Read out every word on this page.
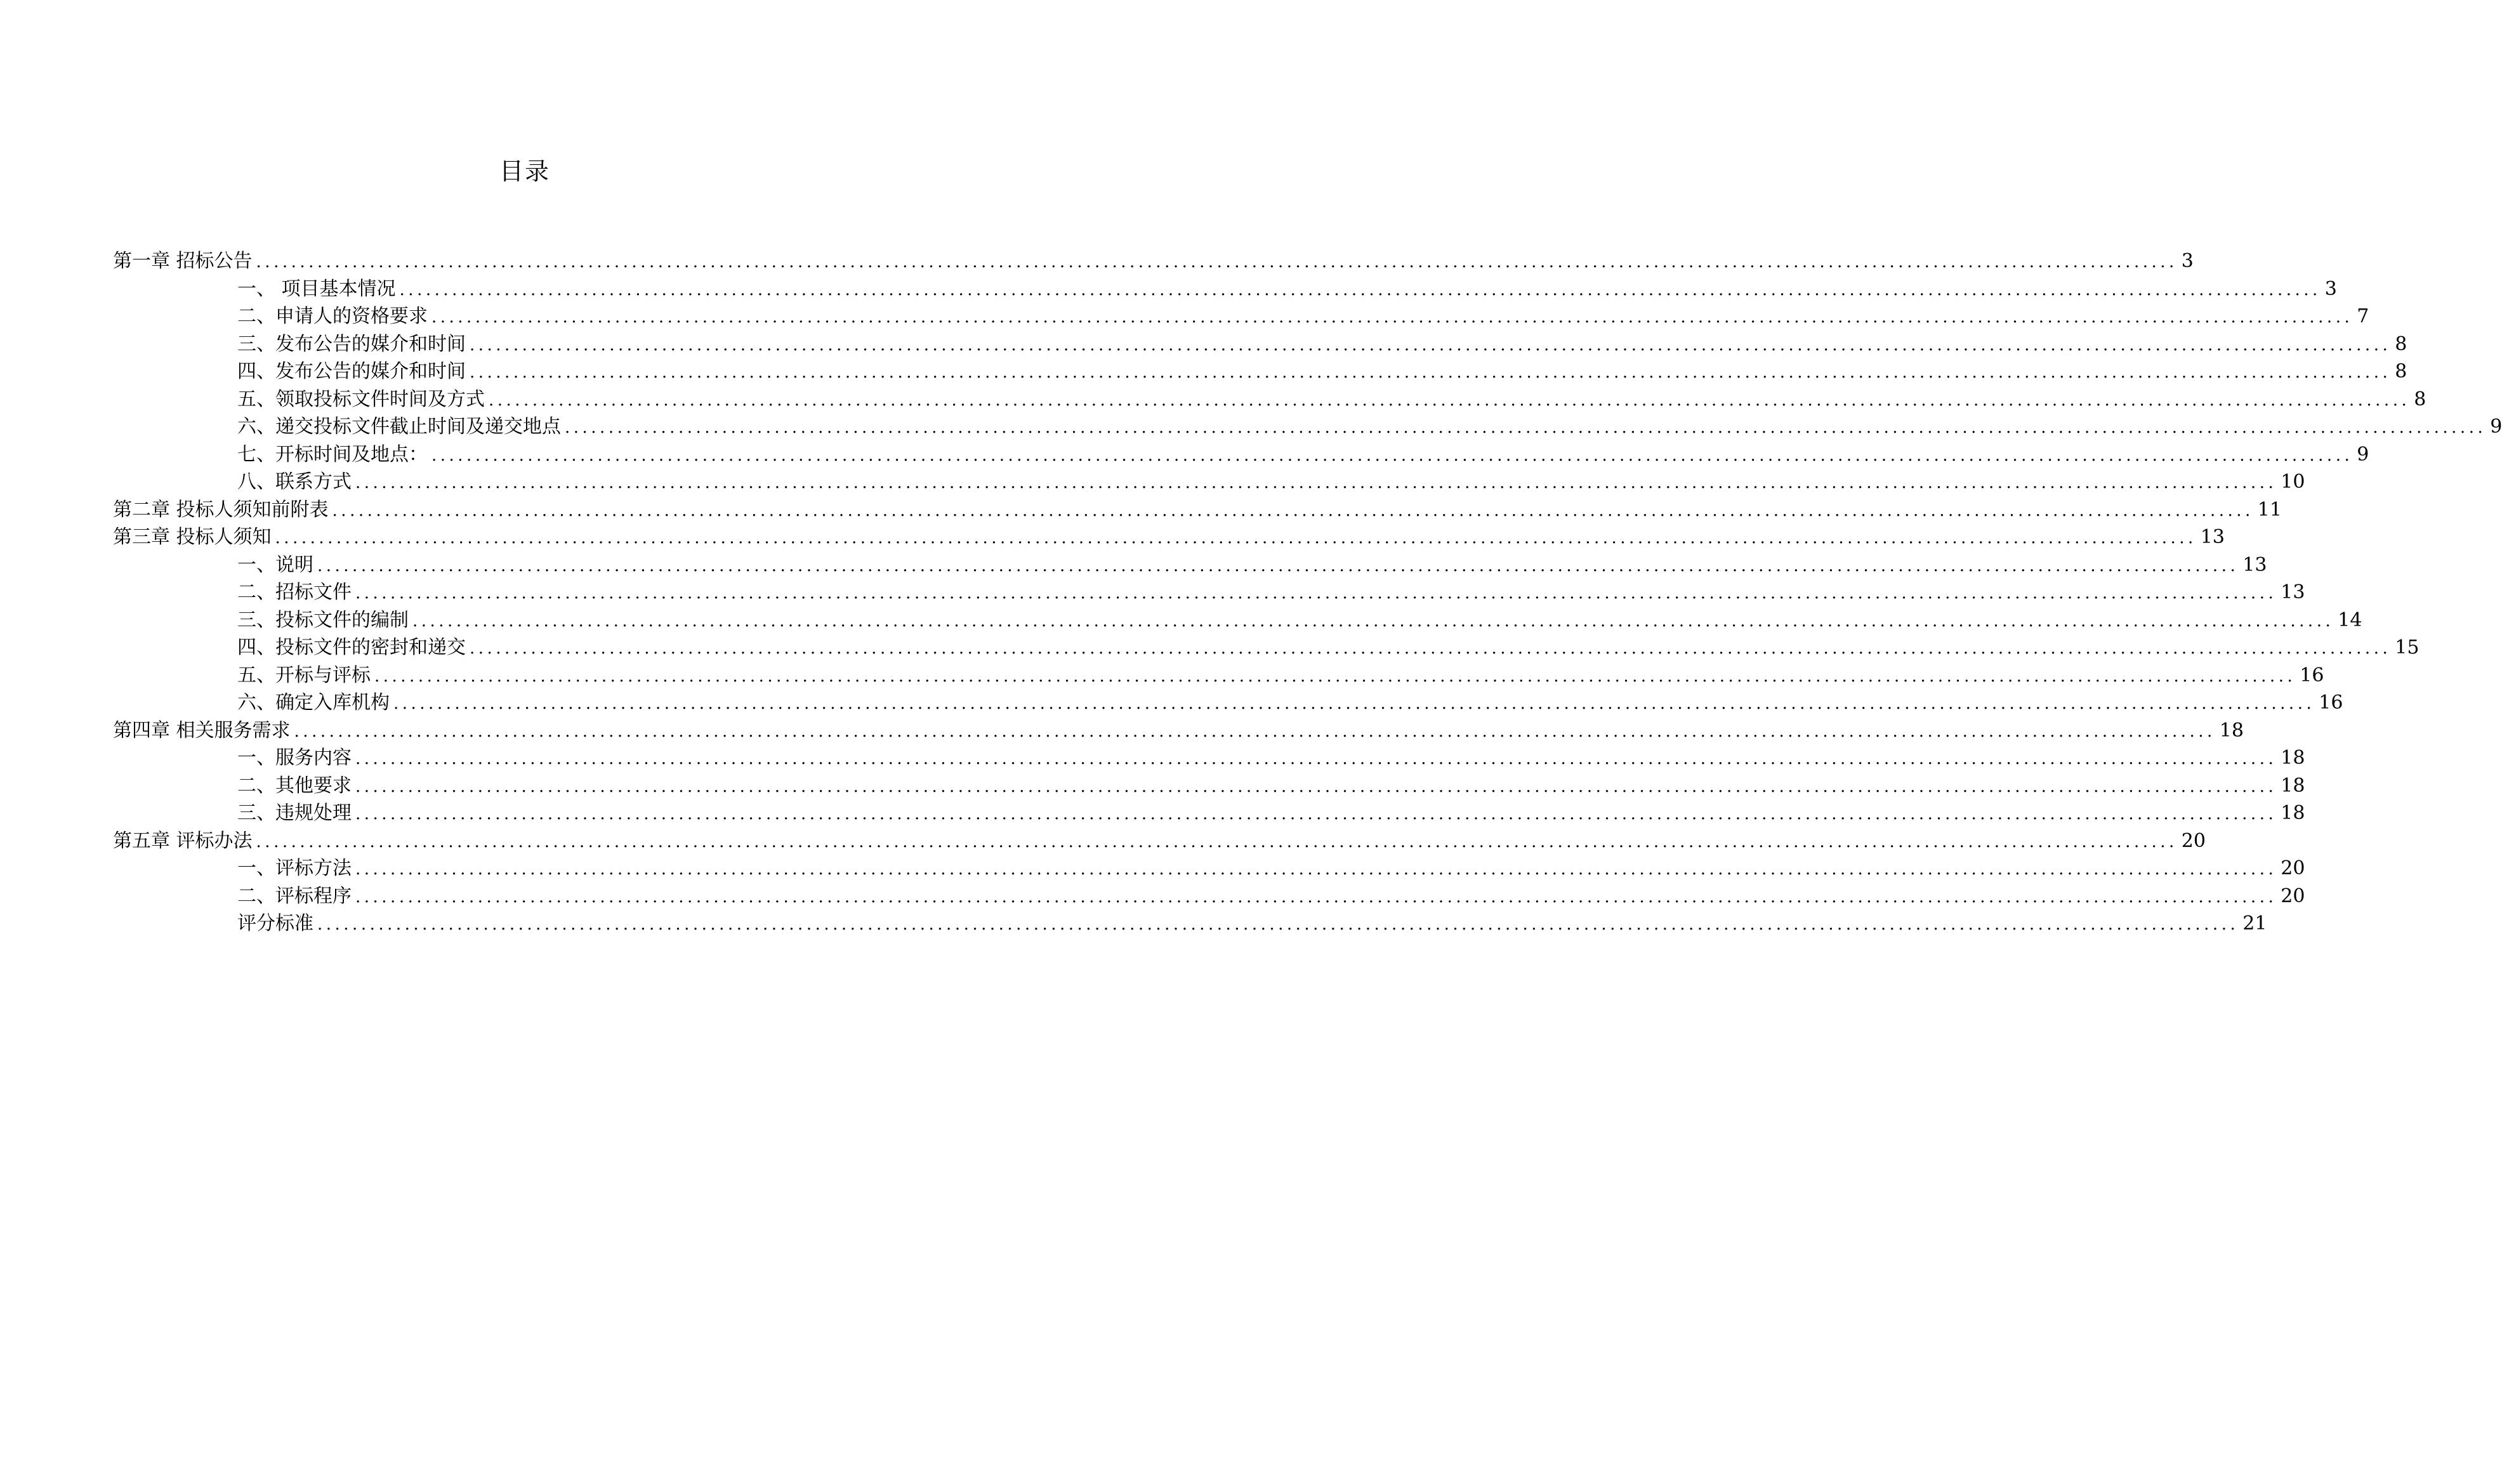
目录
第一章 招标公告 ............................................................................................................................................................................................................................ 3
一、 项目基本情况 ............................................................................................................................................................................................................................ 3
二、申请人的资格要求 ............................................................................................................................................................................................................................ 7
三、发布公告的媒介和时间 ............................................................................................................................................................................................................................ 8
四、发布公告的媒介和时间 ............................................................................................................................................................................................................................ 8
五、领取投标文件时间及方式 ............................................................................................................................................................................................................................ 8
六、递交投标文件截止时间及递交地点 ............................................................................................................................................................................................................................ 9
七、开标时间及地点： ............................................................................................................................................................................................................................ 9
八、联系方式 ............................................................................................................................................................................................................................ 10
第二章 投标人须知前附表 ............................................................................................................................................................................................................................ 11
第三章 投标人须知 ............................................................................................................................................................................................................................ 13
一、说明 ............................................................................................................................................................................................................................ 13
二、招标文件 ............................................................................................................................................................................................................................ 13
三、投标文件的编制 ............................................................................................................................................................................................................................ 14
四、投标文件的密封和递交 ............................................................................................................................................................................................................................ 15
五、开标与评标 ............................................................................................................................................................................................................................ 16
六、确定入库机构 ............................................................................................................................................................................................................................ 16
第四章 相关服务需求 ............................................................................................................................................................................................................................ 18
一、服务内容 ............................................................................................................................................................................................................................ 18
二、其他要求 ............................................................................................................................................................................................................................ 18
三、违规处理 ............................................................................................................................................................................................................................ 18
第五章 评标办法 ............................................................................................................................................................................................................................ 20
一、评标方法 ............................................................................................................................................................................................................................ 20
二、评标程序 ............................................................................................................................................................................................................................ 20
评分标准 ............................................................................................................................................................................................................................ 21
